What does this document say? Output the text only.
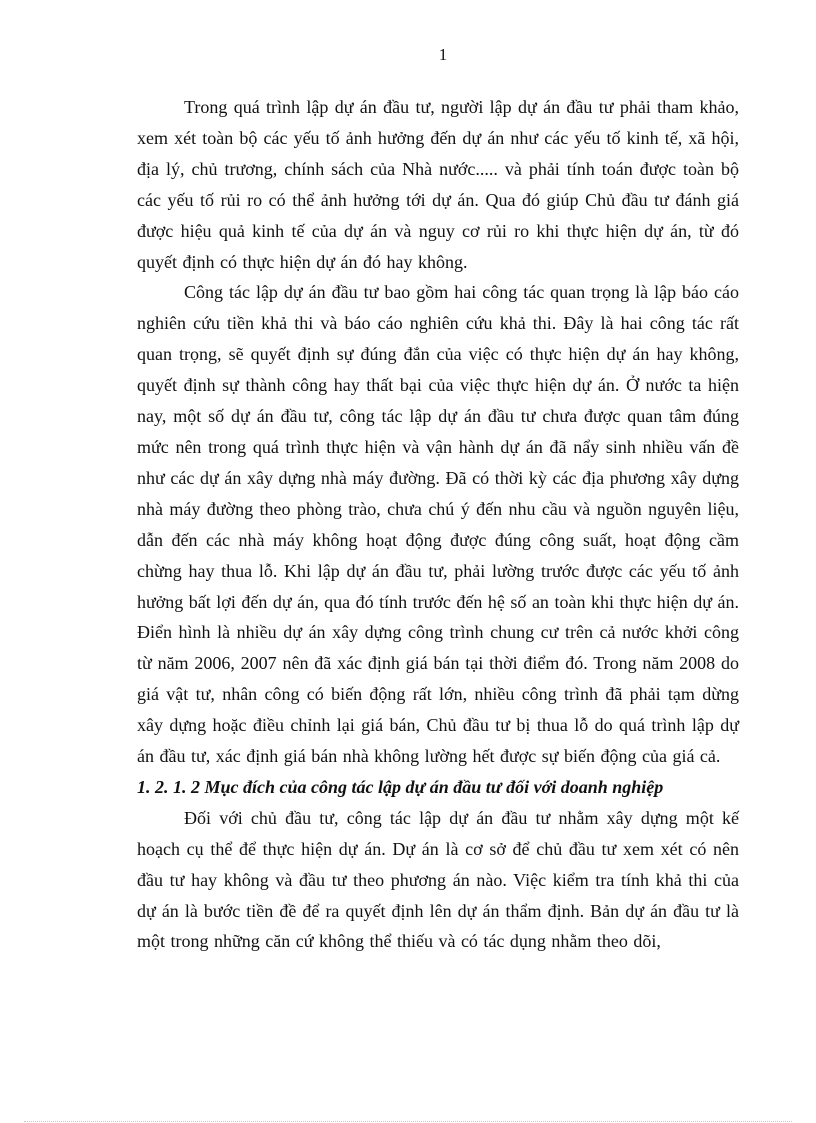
1

Trong quá trình lập dự án đầu tư, người lập dự án đầu tư phải tham khảo, xem xét toàn bộ các yếu tố ảnh hưởng đến dự án như các yếu tố kinh tế, xã hội, địa lý, chủ trương, chính sách của Nhà nước..... và phải tính toán được toàn bộ các yếu tố rủi ro có thể ảnh hưởng tới dự án. Qua đó giúp Chủ đầu tư đánh giá được hiệu quả kinh tế của dự án và nguy cơ rủi ro khi thực hiện dự án, từ đó quyết định có thực hiện dự án đó hay không.

Công tác lập dự án đầu tư bao gồm hai công tác quan trọng là lập báo cáo nghiên cứu tiền khả thi và báo cáo nghiên cứu khả thi. Đây là hai công tác rất quan trọng, sẽ quyết định sự đúng đắn của việc có thực hiện dự án hay không, quyết định sự thành công hay thất bại của việc thực hiện dự án. Ở nước ta hiện nay, một số dự án đầu tư, công tác lập dự án đầu tư chưa được quan tâm đúng mức nên trong quá trình thực hiện và vận hành dự án đã nẩy sinh nhiều vấn đề như các dự án xây dựng nhà máy đường. Đã có thời kỳ các địa phương xây dựng nhà máy đường theo phòng trào, chưa chú ý đến nhu cầu và nguồn nguyên liệu, dẫn đến các nhà máy không hoạt động được đúng công suất, hoạt động cầm chừng hay thua lỗ. Khi lập dự án đầu tư, phải lường trước được các yếu tố ảnh hưởng bất lợi đến dự án, qua đó tính trước đến hệ số an toàn khi thực hiện dự án. Điển hình là nhiều dự án xây dựng công trình chung cư trên cả nước khởi công từ năm 2006, 2007 nên đã xác định giá bán tại thời điểm đó. Trong năm 2008 do giá vật tư, nhân công có biến động rất lớn, nhiều công trình đã phải tạm dừng xây dựng hoặc điều chỉnh lại giá bán, Chủ đầu tư bị thua lỗ do quá trình lập dự án đầu tư, xác định giá bán nhà không lường hết được sự biến động của giá cả.

1. 2. 1. 2 Mục đích của công tác lập dự án đầu tư đối với doanh nghiệp

Đối với chủ đầu tư, công tác lập dự án đầu tư nhằm xây dựng một kế hoạch cụ thể để thực hiện dự án. Dự án là cơ sở để chủ đầu tư xem xét có nên đầu tư hay không và đầu tư theo phương án nào. Việc kiểm tra tính khả thi của dự án là bước tiền đề để ra quyết định lên dự án thẩm định. Bản dự án đầu tư là một trong những căn cứ không thể thiếu và có tác dụng nhằm theo dõi,
